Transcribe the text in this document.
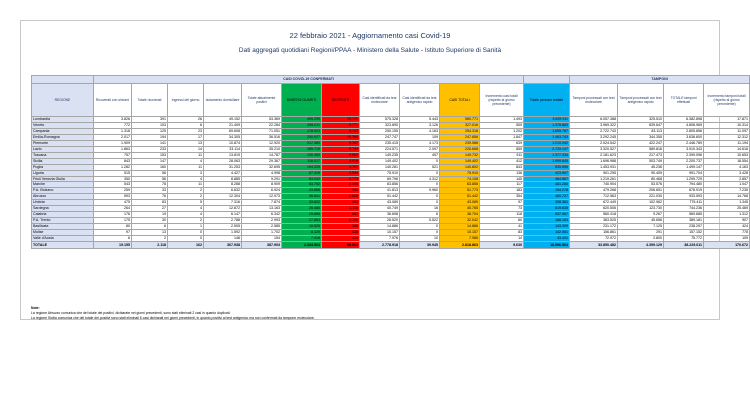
22 febbraio 2021 - Aggiornamento casi Covid-19
Dati aggregati quotidiani Regioni/PPAA - Ministero della Salute - Istituto Superiore di Sanità
	CASI COVID-19 CONFERMATI												TAMPONI			
REGIONE	Ricoverati con sintomi	Totale ricoverati	Ingressi del giorno	Isolamento domiciliare	Totale attualmente positivi	DIMESSI/ GUARITI	DECEDUTI	Casi identificati da test molecolare	Casi identificati da test antigenico rapido	CASI TOTALI	Incremento casi totali (rispetto al giorno precedente)	Totale persone testate	Tamponi processati con test molecolare	Tamponi processati con test antigenico rapido	TOTALE tamponi effettuati	Incremento tamponi totali (rispetto al giorno precedente)
Lombardia	3.826	391	26	49.152	53.369	499.295	28.103	575.328	5.443	580.771	1.493	3.639.911	6.057.388	325.510	6.382.898	17.871
Veneto	772	103	6	21.409	22.284	295.011	9.721	323.890	3.126	327.016	509	1.378.863	3.969.322	839.647	4.808.969	10.314
Campania	1.318	125	23	69.608	71.051	178.923	4.143	250.155	4.163	254.318	1.202	1.655.767	2.722.743	83.113	2.805.856	11.097
Emilia-Romagna	2.017	194	17	34.305	36.516	200.927	10.369	247.747	109	247.856	1.847	1.463.743	3.292.245	344.355	3.636.600	12.312
Piemonte	1.909	141	13	10.874	12.920	217.383	9.287	235.415	4.173	239.588	639	1.210.042	2.024.542	422.247	2.446.789	11.194
Lazio	1.863	233	14	33.114	35.210	185.715	5.749	224.571	2.097	226.668	859	2.729.147	3.320.527	589.816	3.910.343	14.616
Toscana	757	153	11	13.819	14.787	130.383	4.562	149.235	497	149.732	911	1.377.334	2.181.623	217.473	2.399.096	10.653
Sicilia	843	147	4	28.063	29.367	116.017	4.018	149.402	0	149.402	412	1.099.845	1.696.988	503.749	2.200.737	18.554
Puglia	1.282	160	11	31.253	32.695	104.325	3.782	140.281	521	140.802	843	835.596	1.453.931	45.236	1.499.147	4.163
Liguria	515	56	3	4.427	4.998	67.328	3.584	75.910	0	75.910	136	423.907	901.295	90.409	991.704	3.428
Friuli Venezia Giulia	350	56	4	8.885	9.291	63.042	2.775	69.796	4.312	74.108	145	464.867	1.219.261	80.468	1.299.729	2.857
Marche	543	78	11	8.288	8.909	53.752	2.195	63.856	0	63.856	117	481.285	740.904	53.576	794.480	1.047
P.A. Bolzano	259	33	2	6.632	6.924	43.856	993	41.813	9.960	51.773	183	194.278	479.268	206.651	678.919	7.235
Abruzzo	593	76	2	12.304	12.973	36.841	1.628	51.442	0	51.442	354	480.727	712.563	221.030	933.593	14.768
Umbria	475	83	5	7.316	7.874	33.622	993	43.089	0	43.089	97	308.361	672.449	102.962	775.411	1.345
Sardegna	264	27	4	12.872	13.163	26.485	1.118	40.749	16	40.765	73	519.635	620.506	123.730	744.236	25.469
Calabria	176	19	4	6.147	6.342	29.695	667	36.698	6	36.704	118	537.967	560.418	9.267	569.685	1.312
P.A. Trento	175	30	2	2.788	2.993	27.853	1.196	26.520	5.522	32.042	60	168.183	363.525	45.656	389.181	907
Basilicata	80	6	1	2.505	2.585	10.525	368	14.886	0	14.886	41	143.399	231.172	7.125	238.297	424
Molise	97	13	0	1.592	1.702	8.129	338	10.157	0	10.157	83	142.061	156.861	291	157.152	778
Valle d'Aosta	6	2	0	146	154	7.418	414	7.976	10	7.986	14	43.431	72.972	2.800	75.772	109
TOTALE	19.155	2.118	162	367.938	387.903	2.334.564	95.963	2.778.918	39.945	2.818.863	9.630	18.596.564	33.850.482	4.399.129	38.229.611	170.672
Note:
La regione Abruzzo comunica che del totale dei positivi, dichiarate nei giorni precedenti, sono stati eliminati 2 casi in quanto duplicati.
La regione Sicilia comunica che del totale dei positivi sono stati eliminati 6 casi dichiarati nei giorni precedenti, in quanto positivi al test antigenico ma non confermati da tampone molecolare.
